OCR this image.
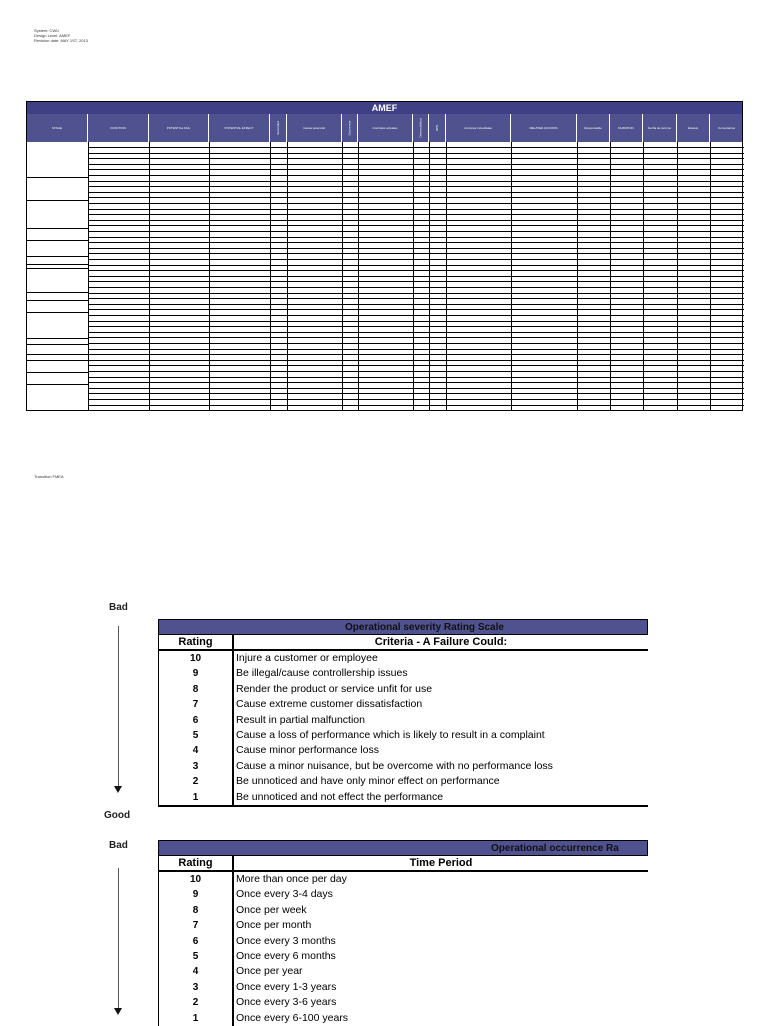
System: CWU
Design Level: AMEF
Revision date: MAY 1ST, 2013
AMEF
STAGE	FUNCTION	POTENTIAL FAIL	POTENTIAL EFFECT	Severidad	Causa potencial	Ocurrencia	Controles actuales	Detectabilidad	RPN	Acciones inmediatas	RELATED ACCIONS	Responsable	DURATION	Fecha de termino	Estatus	Comentarios
Transition FMEA
Bad
Good
Operational severity Rating Scale
Rating	Criteria - A Failure Could:
10	Injure a customer or employee
9	Be illegal/cause controllership issues
8	Render the product or service unfit for use
7	Cause extreme customer dissatisfaction
6	Result in partial malfunction
5	Cause a loss of performance which is likely to result in a complaint
4	Cause minor performance loss
3	Cause a minor nuisance, but be overcome with no performance loss
2	Be unnoticed and have only minor effect on performance
1	Be unnoticed and not effect the performance
Bad	Operational occurrence Ra
Rating	Time Period
10	More than once per day
9	Once every 3-4 days
8	Once per week
7	Once per month
6	Once every 3 months
5	Once every 6 months
4	Once per year
3	Once every 1-3 years
2	Once every 3-6 years
1	Once every 6-100 years
